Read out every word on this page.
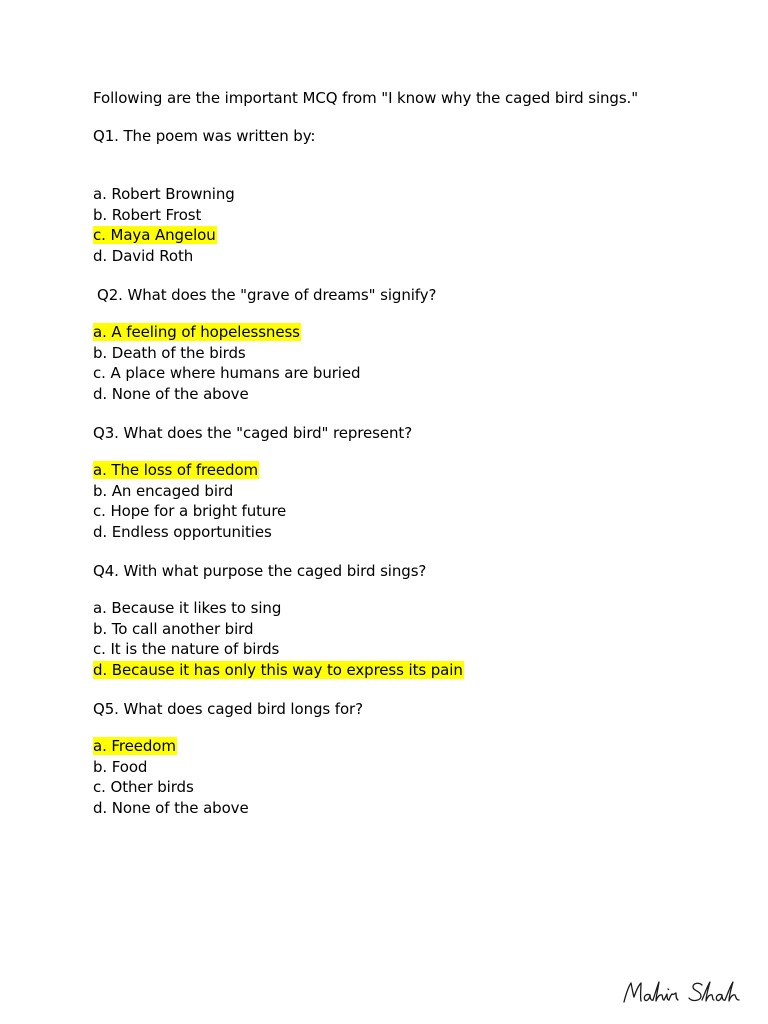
Following are the important MCQ from "I know why the caged bird sings."
Q1. The poem was written by:
a. Robert Browning
b. Robert Frost
c. Maya Angelou
d. David Roth
Q2. What does the "grave of dreams" signify?
a. A feeling of hopelessness
b. Death of the birds
c. A place where humans are buried
d. None of the above
Q3. What does the "caged bird" represent?
a. The loss of freedom
b. An encaged bird
c. Hope for a bright future
d. Endless opportunities
Q4. With what purpose the caged bird sings?
a. Because it likes to sing
b. To call another bird
c. It is the nature of birds
d. Because it has only this way to express its pain
Q5. What does caged bird longs for?
a. Freedom
b. Food
c. Other birds
d. None of the above
